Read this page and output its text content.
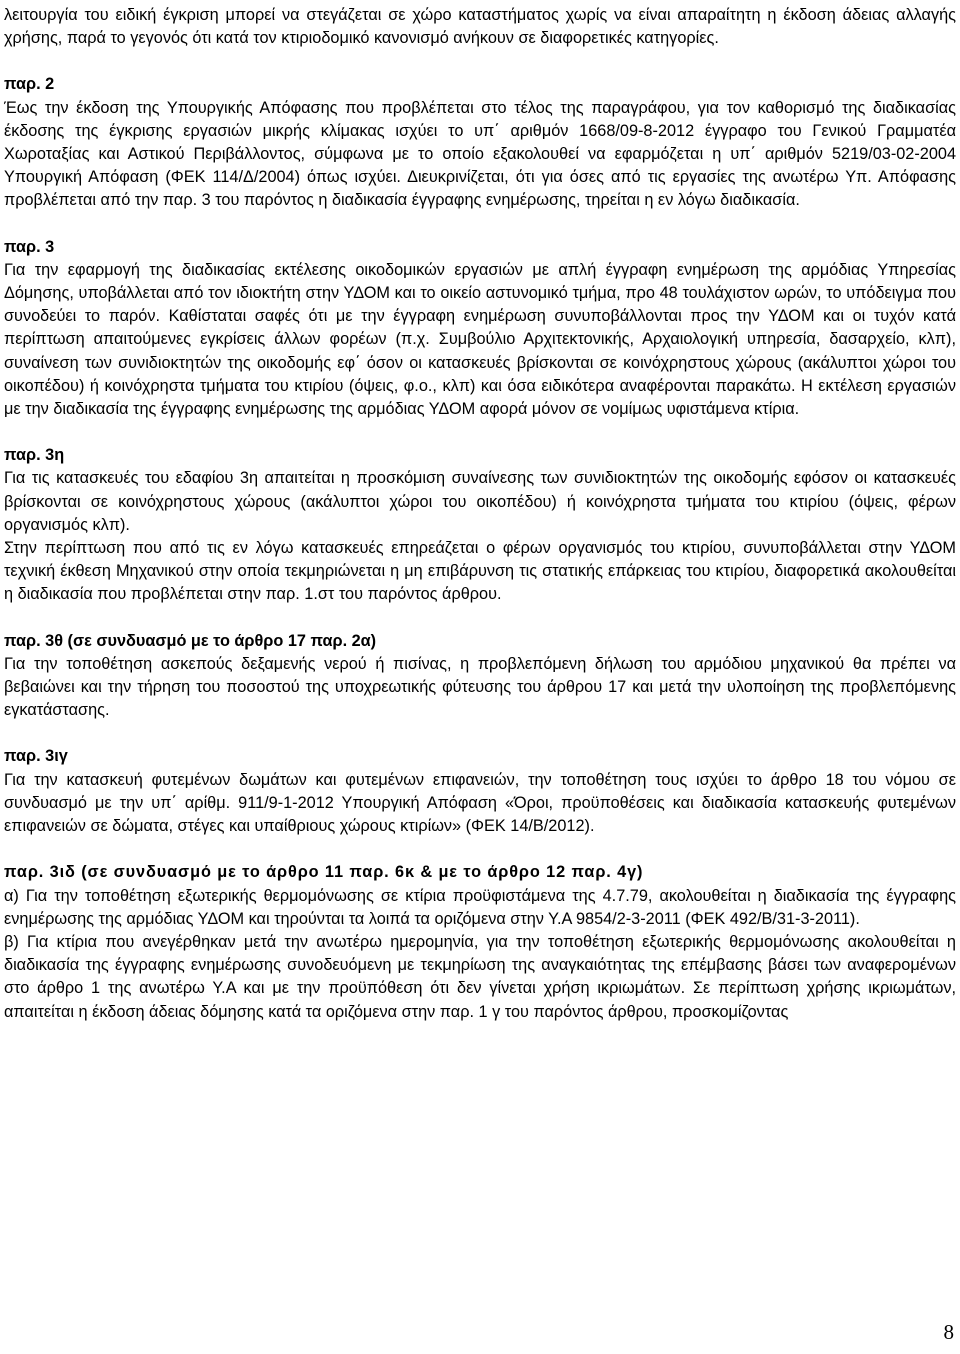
λειτουργία του ειδική έγκριση μπορεί να στεγάζεται σε χώρο καταστήματος χωρίς να είναι απαραίτητη η έκδοση άδειας αλλαγής χρήσης, παρά το γεγονός ότι κατά τον κτιριοδομικό κανονισμό ανήκουν σε διαφορετικές κατηγορίες.

παρ. 2

Έως την έκδοση της Υπουργικής Απόφασης που προβλέπεται στο τέλος της παραγράφου, για τον καθορισμό της διαδικασίας έκδοσης της έγκρισης εργασιών μικρής κλίμακας ισχύει το υπ΄ αριθμόν 1668/09-8-2012 έγγραφο του Γενικού Γραμματέα Χωροταξίας και Αστικού Περιβάλλοντος, σύμφωνα με το οποίο εξακολουθεί να εφαρμόζεται η υπ΄ αριθμόν 5219/03-02-2004 Υπουργική Απόφαση (ΦΕΚ 114/Δ/2004) όπως ισχύει. Διευκρινίζεται, ότι για όσες από τις εργασίες της ανωτέρω Υπ. Απόφασης προβλέπεται από την παρ. 3 του παρόντος η διαδικασία έγγραφης ενημέρωσης, τηρείται η εν λόγω διαδικασία.

παρ. 3

Για την εφαρμογή της διαδικασίας εκτέλεσης οικοδομικών εργασιών με απλή έγγραφη ενημέρωση της αρμόδιας Υπηρεσίας Δόμησης, υποβάλλεται από τον ιδιοκτήτη στην ΥΔΟΜ και το οικείο αστυνομικό τμήμα, προ 48 τουλάχιστον ωρών, το υπόδειγμα που συνοδεύει το παρόν. Καθίσταται σαφές ότι με την έγγραφη ενημέρωση συνυποβάλλονται προς την ΥΔΟΜ και οι τυχόν κατά περίπτωση απαιτούμενες εγκρίσεις άλλων φορέων (π.χ. Συμβούλιο Αρχιτεκτονικής, Αρχαιολογική υπηρεσία, δασαρχείο, κλπ), συναίνεση των συνιδιοκτητών της οικοδομής εφ΄ όσον οι κατασκευές βρίσκονται σε κοινόχρηστους χώρους (ακάλυπτοι χώροι του οικοπέδου) ή κοινόχρηστα τμήματα του κτιρίου (όψεις, φ.ο., κλπ) και όσα ειδικότερα αναφέρονται παρακάτω. Η εκτέλεση εργασιών με την διαδικασία της έγγραφης ενημέρωσης της αρμόδιας ΥΔΟΜ αφορά μόνον σε νομίμως υφιστάμενα κτίρια.

παρ. 3η

Για τις κατασκευές του εδαφίου 3η απαιτείται η προσκόμιση συναίνεσης των συνιδιοκτητών της οικοδομής εφόσον οι κατασκευές βρίσκονται σε κοινόχρηστους χώρους (ακάλυπτοι χώροι του οικοπέδου) ή κοινόχρηστα τμήματα του κτιρίου (όψεις, φέρων οργανισμός κλπ).

Στην περίπτωση που από τις εν λόγω κατασκευές επηρεάζεται ο φέρων οργανισμός του κτιρίου, συνυποβάλλεται στην ΥΔΟΜ τεχνική έκθεση Μηχανικού στην οποία τεκμηριώνεται η μη επιβάρυνση τις στατικής επάρκειας του κτιρίου, διαφορετικά ακολουθείται η διαδικασία που προβλέπεται στην παρ. 1.στ του παρόντος άρθρου.

παρ. 3θ (σε συνδυασμό με το άρθρο 17 παρ. 2α)

Για την τοποθέτηση ασκεπούς δεξαμενής νερού ή πισίνας, η προβλεπόμενη δήλωση του αρμόδιου μηχανικού θα πρέπει να βεβαιώνει και την τήρηση του ποσοστού της υποχρεωτικής φύτευσης του άρθρου 17 και μετά την υλοποίηση της προβλεπόμενης εγκατάστασης.

παρ. 3ιγ

Για την κατασκευή φυτεμένων δωμάτων και φυτεμένων επιφανειών, την τοποθέτηση τους ισχύει το άρθρο 18 του νόμου σε συνδυασμό με την υπ΄ αρίθμ. 911/9-1-2012 Υπουργική Απόφαση «Όροι, προϋποθέσεις και διαδικασία κατασκευής φυτεμένων επιφανειών σε δώματα, στέγες και υπαίθριους χώρους κτιρίων» (ΦΕΚ 14/Β/2012).

παρ. 3ιδ (σε συνδυασμό με το άρθρο 11 παρ. 6κ & με το άρθρο 12 παρ. 4γ)

α) Για την τοποθέτηση εξωτερικής θερμομόνωσης σε κτίρια προϋφιστάμενα της 4.7.79, ακολουθείται η διαδικασία της έγγραφης ενημέρωσης της αρμόδιας ΥΔΟΜ και τηρούνται τα λοιπά τα οριζόμενα στην Υ.Α 9854/2-3-2011 (ΦΕΚ 492/Β/31-3-2011).

β) Για κτίρια που ανεγέρθηκαν μετά την ανωτέρω ημερομηνία, για την τοποθέτηση εξωτερικής θερμομόνωσης ακολουθείται η διαδικασία της έγγραφης ενημέρωσης συνοδευόμενη με τεκμηρίωση της αναγκαιότητας της επέμβασης βάσει των αναφερομένων στο άρθρο 1 της ανωτέρω Υ.Α και με την προϋπόθεση ότι δεν γίνεται χρήση ικριωμάτων. Σε περίπτωση χρήσης ικριωμάτων, απαιτείται η έκδοση άδειας δόμησης κατά τα οριζόμενα στην παρ. 1 γ του παρόντος άρθρου, προσκομίζοντας

8
